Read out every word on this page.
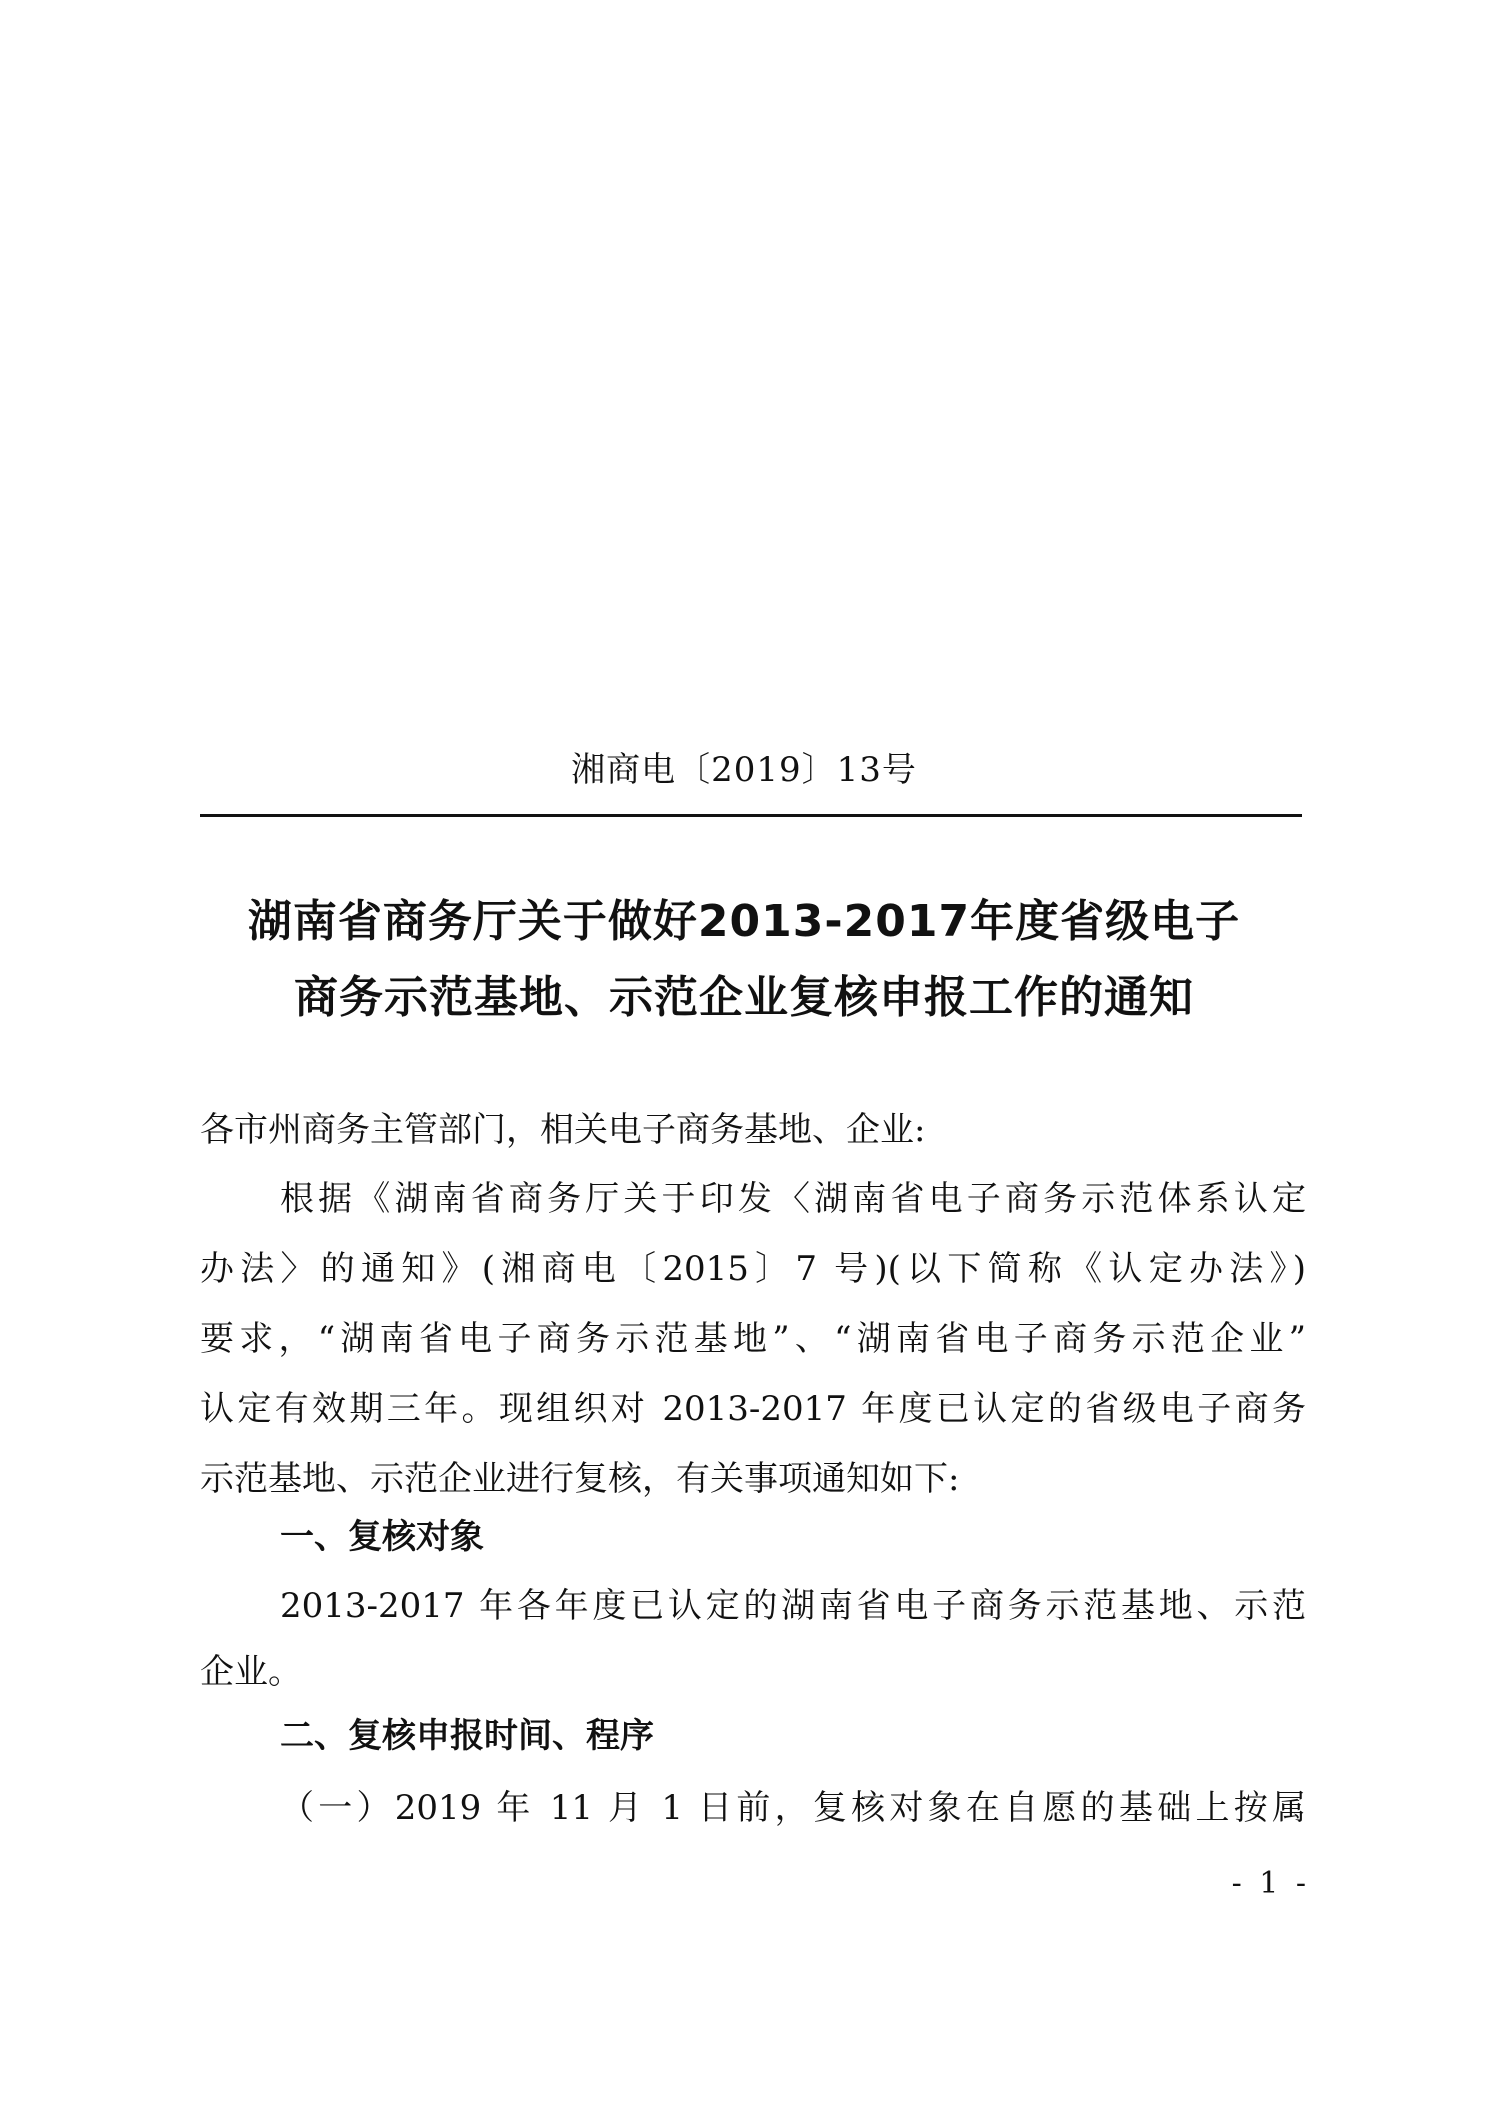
湘商电〔2019〕13号
湖南省商务厅关于做好2013-2017年度省级电子
商务示范基地、示范企业复核申报工作的通知
各市州商务主管部门，相关电子商务基地、企业:
根据《湖南省商务厅关于印发〈湖南省电子商务示范体系认定
办法〉的通知》(湘商电〔2015〕7 号)(以下简称《认定办法》)
要求，“湖南省电子商务示范基地”、“湖南省电子商务示范企业”
认定有效期三年。现组织对 2013-2017 年度已认定的省级电子商务
示范基地、示范企业进行复核，有关事项通知如下:
一、复核对象
2013-2017 年各年度已认定的湖南省电子商务示范基地、示范
企业。
二、复核申报时间、程序
（一）2019 年 11 月 1 日前，复核对象在自愿的基础上按属
- 1 -
